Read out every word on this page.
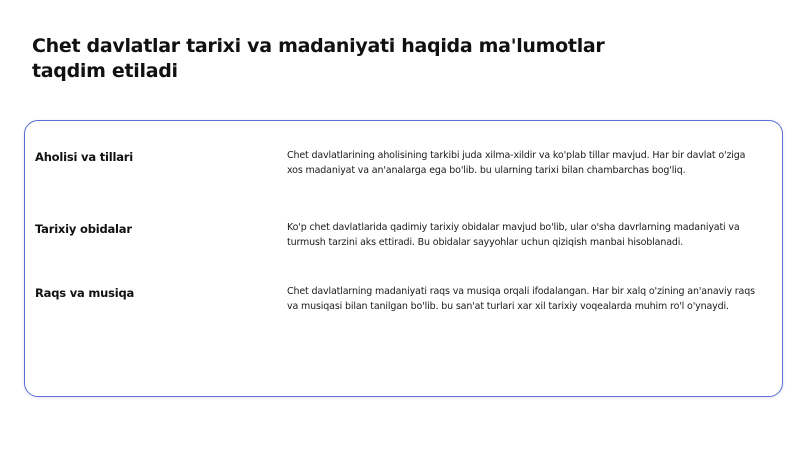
Chet davlatlar tarixi va madaniyati haqida ma'lumotlar taqdim etiladi
Aholisi va tillari	Chet davlatlarining aholisining tarkibi juda xilma-xildir va ko'plab tillar mavjud. Har bir davlat o'ziga xos madaniyat va an'analarga ega bo'lib. bu ularning tarixi bilan chambarchas bog'liq.

Tarixiy obidalar	Ko'p chet davlatlarida qadimiy tarixiy obidalar mavjud bo'lib, ular o'sha davrlarning madaniyati va turmush tarzini aks ettiradi. Bu obidalar sayyohlar uchun qiziqish manbai hisoblanadi.

Raqs va musiqa	Chet davlatlarning madaniyati raqs va musiqa orqali ifodalangan. Har bir xalq o'zining an'anaviy raqs va musiqasi bilan tanilgan bo'lib. bu san'at turlari xar xil tarixiy voqealarda muhim ro'l o'ynaydi.
